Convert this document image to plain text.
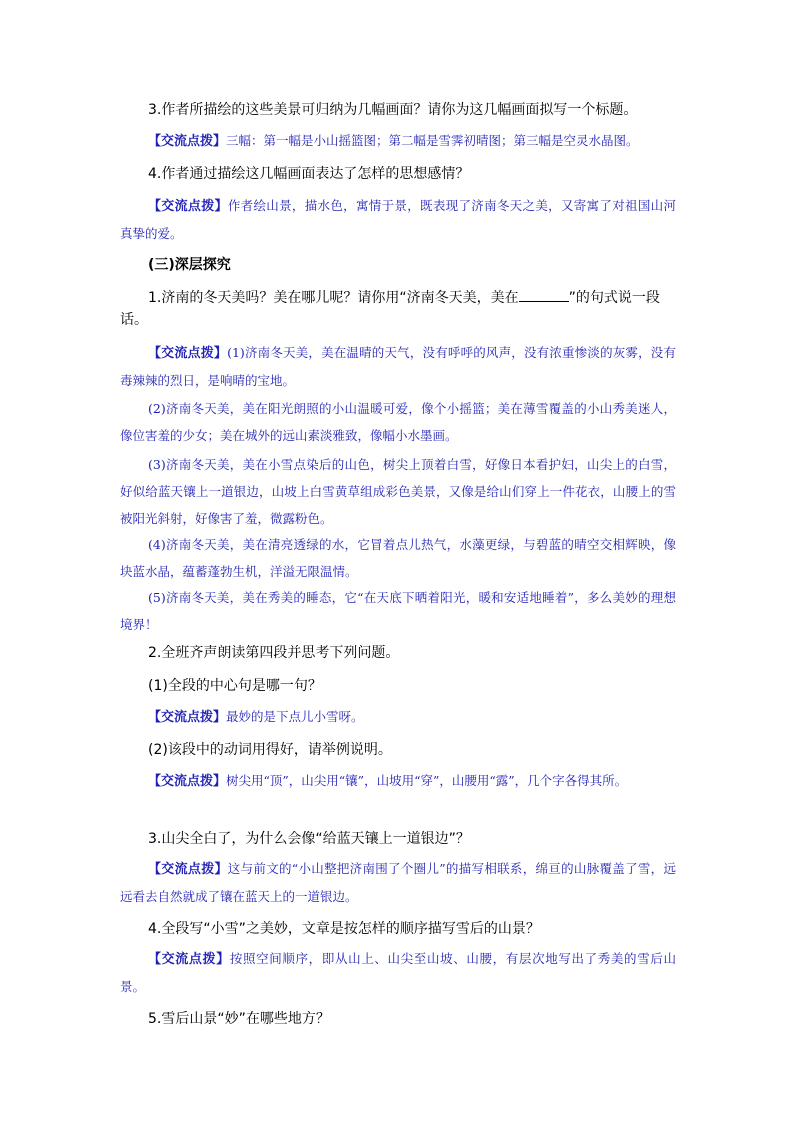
3.作者所描绘的这些美景可归纳为几幅画面？请你为这几幅画面拟写一个标题。

【交流点拨】三幅：第一幅是小山摇篮图；第二幅是雪霁初晴图；第三幅是空灵水晶图。

4.作者通过描绘这几幅画面表达了怎样的思想感情？

【交流点拨】作者绘山景，描水色，寓情于景，既表现了济南冬天之美，又寄寓了对祖国山河真挚的爱。

(三)深层探究

1.济南的冬天美吗？美在哪儿呢？请你用“济南冬天美，美在	”的句式说一段话。

【交流点拨】(1)济南冬天美，美在温晴的天气，没有呼呼的风声，没有浓重惨淡的灰雾，没有毒辣辣的烈日，是响晴的宝地。

(2)济南冬天美，美在阳光朗照的小山温暖可爱，像个小摇篮；美在薄雪覆盖的小山秀美迷人，像位害羞的少女；美在城外的远山素淡雅致，像幅小水墨画。

(3)济南冬天美，美在小雪点染后的山色，树尖上顶着白雪，好像日本看护妇，山尖上的白雪，好似给蓝天镶上一道银边，山坡上白雪黄草组成彩色美景，又像是给山们穿上一件花衣，山腰上的雪被阳光斜射，好像害了羞，微露粉色。

(4)济南冬天美，美在清亮透绿的水，它冒着点儿热气，水藻更绿，与碧蓝的晴空交相辉映，像块蓝水晶，蕴蓄蓬勃生机，洋溢无限温情。

(5)济南冬天美，美在秀美的睡态，它“在天底下晒着阳光，暖和安适地睡着”，多么美妙的理想境界！

2.全班齐声朗读第四段并思考下列问题。

(1)全段的中心句是哪一句？

【交流点拨】最妙的是下点儿小雪呀。

(2)该段中的动词用得好，请举例说明。

【交流点拨】树尖用“顶”，山尖用“镶”，山坡用“穿”，山腰用“露”，几个字各得其所。

3.山尖全白了，为什么会像“给蓝天镶上一道银边”？

【交流点拨】这与前文的“小山整把济南围了个圈儿”的描写相联系，绵亘的山脉覆盖了雪，远远看去自然就成了镶在蓝天上的一道银边。

4.全段写“小雪”之美妙，文章是按怎样的顺序描写雪后的山景？

【交流点拨】按照空间顺序，即从山上、山尖至山坡、山腰，有层次地写出了秀美的雪后山景。

5.雪后山景“妙”在哪些地方？
